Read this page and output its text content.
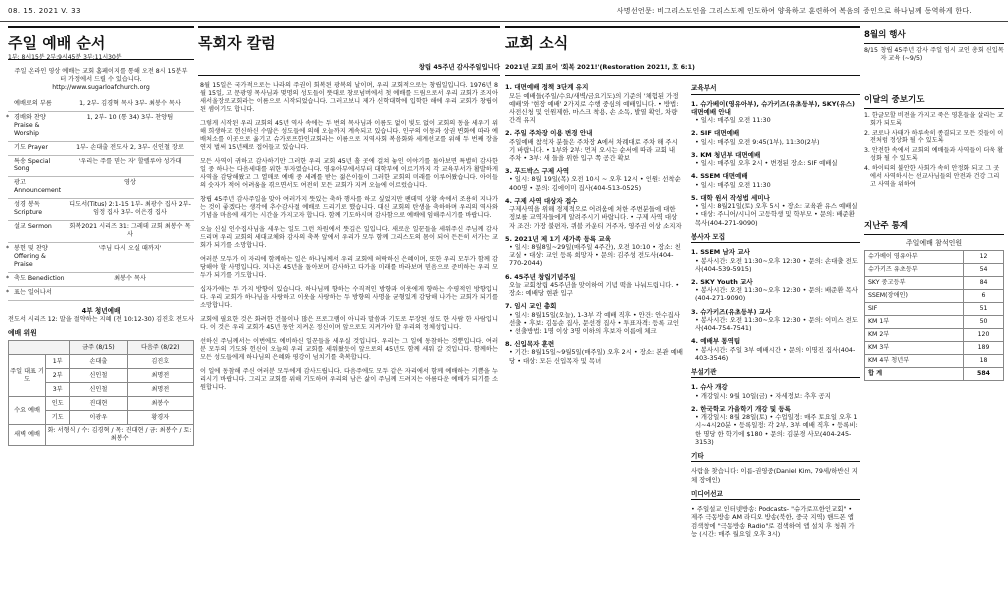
08. 15. 2021 V. 33	사명선언문: 비그리스도인을 그리스도께 인도하여 양육하고 훈련하여 복음의 증인으로 하나님께 동역하게 한다.
주일 예배 순서
1부: 8시15분 2부:9시45분 3부:11시30분
주일 온라인 영상 예배는 교회 홈페이지를 통해 오전 8시 15분부터 가정에서 드릴 수 있습니다. http://www.sugarloafchurch.org
예배로의 부름	1, 2부- 김경혁 목사 3부- 최봉수 목사

* 경배와 찬양 Praise & Worship	1, 2부- 10 (통 34) 3부- 찬양팀
기도 Prayer	1부- 손대출 전도사 2, 3부- 신인철 장로
특송 Special Song	'우리는 주를 믿는 자' 할렐루야 성가대
광고 Announcement	영상
성경 봉독 Scripture	디도서(Titus) 2:1-15 1부- 최광수 집사 2부- 임정 집사 3부- 이은경 집사
설교 Sermon	회복2021 시리즈 31: 그레데 교회 최봉수 목사

* 봉헌 및 찬양 Offering & Praise	'주님 다시 오실 때까지'

* 축도 Benediction	최봉수 목사

* 표는 일어나서	
4부 청년예배
전도서 시리즈 12: 말을 절약하는 지혜 (전 10:12-30) 김진호 전도사
예배 위원
		금주 (8/15)	다음주 (8/22)
주일 대표 기도	1부	손대출	김진호
	2부	신인철	최명전
	3부	신인철	최명전
수요 예배	인도	진대현	최봉수
	기도	이광우	황경자
새벽 예배	화: 서형식 / 수: 김경혁 / 목: 진대현 / 금: 최봉수 / 토: 최봉수		
목회자 칼럼
창립 45주년 감사주일입니다

8월 15일은 국가적으로는 나라의 주권이 회복된 광복의 날이며, 우리 교회적으로는 창립일입니다. 1976년 8월 15일, 고 문광영 목사님과 몇명의 성도들이 뜻대로 창로넘버에서 첫 예배를 드림으로서 우리 교회가 조지아 새서울장로교회라는 이름으로 시작되었습니다. 그러고보니 제가 신학대학에 입학한 해에 우리 교회가 창립이 된 셈이기도 합니다.

그렇게 시작된 우리 교회의 45년 역사 속에는 두 번의 목사님과 이름도 없이 빛도 없이 교회의 동을 세우기 위해 희생하고 헌신하신 수많은 성도들에 의해 오늘까지 계속되고 있습니다. 인구의 이동과 상권 변화에 따라 예배처소를 이곳으로 옮기고 슈가로프한인교회라는 이름으로 지역사회 복음화와 세계선교를 위해 두 번째 장을 연지 벌써 15년째로 접어들고 있습니다.

모든 사역이 귀하고 감사하기만 그러한 우리 교회 45년 흘 곳에 걸쳐 놓인 이야기를 돌아보면 특별히 감사한 일 중 하나는 다음세대를 위한 투자였습니다. 영유아부에서부터 대학부에 이르기까지 각 교육부서가 활발하게 사역을 감당해왔고 그 열매로 예배 중 세례를 받는 젊은이들이 그러한 교회의 미래를 이루어왔습니다. 아이들의 숫자가 적어 어려움을 겪으면서도 여전히 모든 교회가 지켜 오늘에 이르렀습니다.

창립 45주년 감사주일을 맞아 여러가지 뜻있는 축하 행사를 하고 싶었지만 팬데믹 상황 속에서 조용히 지나가는 것이 좋겠다는 생각에 추수감사절 예배로 드리기로 했습니다. 대신 교회의 탄생을 축하하며 우리의 역사와 기념을 마음에 새기는 시간을 가지고자 합니다. 함께 기도하시며 감사함으로 예배에 임해주시기를 바랍니다.

오늘 신실 인수집사님을 세우는 일도 그런 차원에서 뜻깊은 일입니다. 새로운 일꾼들을 세워주신 주님께 감사드리며 우리 교회의 세대교체와 감사의 축복 앞에서 우리가 모두 함께 그리스도의 몸이 되어 든든히 서가는 교회가 되기를 소망합니다.

여러분 모두가 이 자리에 함께하는 일은 하나님께서 우리 교회에 허락하신 은혜이며, 또한 우리 모두가 함께 감당해야 할 사명입니다. 지나온 45년을 돌아보며 감사하고 다가올 미래를 바라보며 믿음으로 준비하는 우리 모두가 되기를 기도합니다.

십자가에는 두 가지 방향이 있습니다. 하나님께 향하는 수직적인 방향과 이웃에게 향하는 수평적인 방향입니다. 우리 교회가 하나님을 사랑하고 이웃을 사랑하는 두 방향의 사명을 균형있게 감당해 나가는 교회가 되기를 소망합니다.

교회에 필요한 것은 화려한 건물이나 많은 프로그램이 아니라 말씀과 기도로 무장된 성도 한 사람 한 사람입니다. 이 것은 우리 교회가 45년 동안 지켜온 정신이며 앞으로도 지켜가야 할 우리의 정체성입니다.

선하신 주님께서는 이번에도 예비하신 일꾼들을 세우실 것입니다. 우리는 그 일에 동참하는 것뿐입니다. 여러분 모두의 기도와 헌신이 오늘의 우리 교회를 세워왔듯이 앞으로의 45년도 함께 세워 갈 것입니다. 함께하는 모든 성도들에게 하나님의 은혜와 평강이 넘치기를 축복합니다.

이 일에 동참해 주신 여러분 모두에게 감사드립니다. 다음주에도 모두 같은 자리에서 함께 예배하는 기쁨을 누리시기 바랍니다. 그리고 교회를 위해 기도하며 우리의 남은 삶이 주님께 드려지는 아름다운 예배가 되기를 소원합니다.

교회 소식
2021년 교회 표어 '회복 2021!'(Restoration 2021!, 호 6:1)
1. 대면예배 정책 3단계 유지
모든 예배들(주일/수요/새벽/금요기도)의 기준의 '체험된 가정 예배'와 '현장 예배' 2가지로 수행 중심의 예배입니다. • 방법: 사전신청 및 인원제한, 마스크 착용, 손 소독, 발열 확인, 차량 간격 유지
2. 주일 주차장 이용 변경 안내
주일예배 참석자 분들은 주차장 A에서 차례대로 주차 해 주시기 바랍니다. • 1부와 2부: 먼저 오시는 순서에 따라 교회 내 주차 • 3부: 새 들을 위한 입구 쪽 공간 확보
3. 푸드박스 구제 사역
• 일시: 8월 19일(목) 오전 10시 ~ 오후 12시 • 인원: 선착순 400명 • 문의: 김에이미 집사(404-513-0525)
4. 구제 사역 대상자 접수
구제사역을 위해 경제적으로 어려움에 처한 주변분들에 대한 정보를 교역자들에게 알려주시기 바랍니다. • 구제 사역 대상자 조건: 가장 불편자, 퀴블 카운티 거주자, 영주권 이상 소지자
5. 2021년 제 1기 새가족 등록 교육
• 일시: 8월8일~29일(매주일 4주간), 오전 10:10 • 장소: 친교실 • 대상: 교인 등록 희망자 • 문의: 김주성 전도사(404-770-2044)
6. 45주년 창립기념주일
오늘 교회창립 45주년을 맞이하여 기념 떡을 나눠드립니다. • 장소: 예배당 현관 입구
7. 임시 교인 총회
• 일시: 8월15일(오늘), 1-3부 각 예배 직후 • 안건: 안수집사 선출 • 후보: 김동순 집사, 문선경 집사 • 투표자격: 등록 교인 • 선출방법: 1명 이상 3명 이하의 후보자 이름에 체크
8. 신입목자 훈련
• 기간: 8월15일~9월5일(매주일) 오후 2시 • 장소: 본관 예배당 • 대상: 모든 신입목자 및 목녀
교육부서
1. 슈가베이(영유아부), 슈가키즈(유초등부), SKY(유스) 대면예배 안내
• 일시: 매주일 오전 11:30
2. SIF 대면예배
• 일시: 매주일 오전 9:45(1부), 11:30(2부)
3. KM 청년부 대면예배
• 일시: 매주일 오후 2시 • 변경된 장소: SIF 예배실
4. SSEM 대면예배
• 일시: 매주일 오전 11:30
5. 대학 원서 작성법 세미나
• 일시: 8월21일(토) 오후 5시 • 장소: 교육관 유스 예배실 • 대상: 주니어/시니어 고등학생 및 학부모 • 문의: 배준환 목사(404-271-9090)
봉사자 모집
1. SSEM 남자 교사
• 봉사시간: 오전 11:30~오후 12:30 • 문의: 손대출 전도사(404-539-5915)
2. SKY Youth 교사
• 봉사시간: 오전 11:30~오후 12:30 • 문의: 배준환 목사(404-271-9090)
3. 슈가키즈(유초등부) 교사
• 봉사시간: 오전 11:30~오후 12:30 • 문의: 이미스 전도사(404-754-7541)
4. 예배부 통역팀
• 봉사시간: 주일 3부 예배시간 • 문의: 이명진 집사(404-403-3546)
부설기관
1. 슈사 개강
• 개강일시: 9월 10일(금) • 자세정보: 추후 공지
2. 한국학교 가을학기 개강 및 등록
• 개강일시: 8월 28일(토) • 수업일정: 매주 토요일 오후 1시~4시20분 • 등록일정: 각 2부, 3부 예배 직후 • 등록비: 한 명당 한 학기에 $180 • 문의: 김분경 사모(404-245-3153)
기타
사람을 찾습니다: 이름-권영중(Daniel Kim, 79세/하반신 지체 장애인)
미디어선교
• 주일설교 인터넷방송: Podcasts- "슈가로프한인교회" • 제주 극동방송 AM 라디오 방송(북한, 중국 지역) 핸드폰 앱 검색창에 "극동방송 Radio"로 검색하여 앱 설치 후 청취 가능 (시간: 매주 월요일 오후 3시)
8월의 행사
8/15 창립 45주년 감사 주일 임시 교인 총회 신입목자 교육 (~9/5)
이달의 중보기도
1. 한글모할 비전을 가지고 죽은 영혼들을 살리는 교회가 되도록
2. 코로나 사태가 하루속히 종결되고 모든 것들이 이전처럼 정상화 될 수 있도록
3. 안전한 속에서 교회의 예배들과 사역들이 더욱 활성화 될 수 있도록
4. 하이티의 불안한 사회가 속히 안정화 되고 그 곳에서 사역하시는 선교사님들의 안전과 건강 그리고 사역을 위하여
지난주 통계
주일예배 참석인원	
슈가베이 영유아부	12
슈가키즈 유초등부	54
SKY 중고등부	84
SSEM(장애인)	6
SIF	51
KM 1부	50
KM 2부	120
KM 3부	189
KM 4부 청년부	18
합 계	584
